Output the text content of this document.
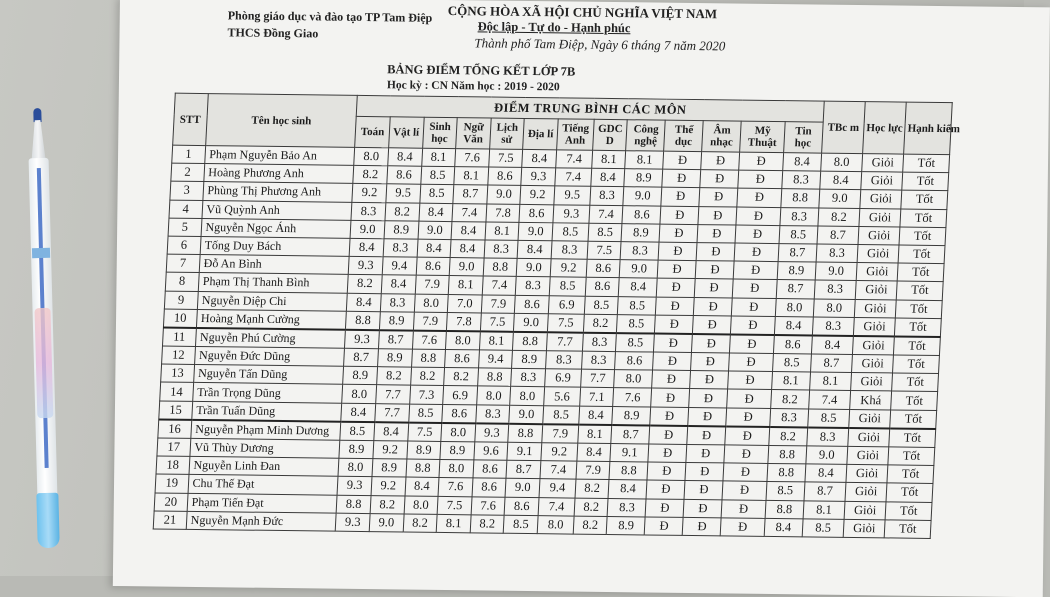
Phòng giáo dục và đào tạo TP Tam Điệp
THCS Đồng Giao
CỘNG HÒA XÃ HỘI CHỦ NGHĨA VIỆT NAM
Độc lập - Tự do - Hạnh phúc
Thành phố Tam Điệp, Ngày 6 tháng 7 năm 2020
BẢNG ĐIỂM TỔNG KẾT LỚP 7B
Học kỳ : CN Năm học : 2019 - 2020
STT	Tên học sinh	ĐIỂM TRUNG BÌNH CÁC MÔN													TBc m	Học lực	Hạnh kiểm
		Toán	Vật lí	Sinh học	Ngữ Văn	Lịch sử	Địa lí	Tiếng Anh	GDC D	Công nghệ	Thể dục	Âm nhạc	Mỹ Thuật	Tin học			
1	Phạm Nguyễn Bảo An	8.0	8.4	8.1	7.6	7.5	8.4	7.4	8.1	8.1	Đ	Đ	Đ	8.4	8.0	Giỏi	Tốt
2	Hoàng Phương Anh	8.2	8.6	8.5	8.1	8.6	9.3	7.4	8.4	8.9	Đ	Đ	Đ	8.3	8.4	Giỏi	Tốt
3	Phùng Thị Phương Anh	9.2	9.5	8.5	8.7	9.0	9.2	9.5	8.3	9.0	Đ	Đ	Đ	8.8	9.0	Giỏi	Tốt
4	Vũ Quỳnh Anh	8.3	8.2	8.4	7.4	7.8	8.6	9.3	7.4	8.6	Đ	Đ	Đ	8.3	8.2	Giỏi	Tốt
5	Nguyễn Ngọc Ánh	9.0	8.9	9.0	8.4	8.1	9.0	8.5	8.5	8.9	Đ	Đ	Đ	8.5	8.7	Giỏi	Tốt
6	Tống Duy Bách	8.4	8.3	8.4	8.4	8.3	8.4	8.3	7.5	8.3	Đ	Đ	Đ	8.7	8.3	Giỏi	Tốt
7	Đỗ An Bình	9.3	9.4	8.6	9.0	8.8	9.0	9.2	8.6	9.0	Đ	Đ	Đ	8.9	9.0	Giỏi	Tốt
8	Phạm Thị Thanh Bình	8.2	8.4	7.9	8.1	7.4	8.3	8.5	8.6	8.4	Đ	Đ	Đ	8.7	8.3	Giỏi	Tốt
9	Nguyễn Diệp Chi	8.4	8.3	8.0	7.0	7.9	8.6	6.9	8.5	8.5	Đ	Đ	Đ	8.0	8.0	Giỏi	Tốt
10	Hoàng Mạnh Cường	8.8	8.9	7.9	7.8	7.5	9.0	7.5	8.2	8.5	Đ	Đ	Đ	8.4	8.3	Giỏi	Tốt
11	Nguyễn Phú Cường	9.3	8.7	7.6	8.0	8.1	8.8	7.7	8.3	8.5	Đ	Đ	Đ	8.6	8.4	Giỏi	Tốt
12	Nguyễn Đức Dũng	8.7	8.9	8.8	8.6	9.4	8.9	8.3	8.3	8.6	Đ	Đ	Đ	8.5	8.7	Giỏi	Tốt
13	Nguyễn Tấn Dũng	8.9	8.2	8.2	8.2	8.8	8.3	6.9	7.7	8.0	Đ	Đ	Đ	8.1	8.1	Giỏi	Tốt
14	Trần Trọng Dũng	8.0	7.7	7.3	6.9	8.0	8.0	5.6	7.1	7.6	Đ	Đ	Đ	8.2	7.4	Khá	Tốt
15	Trần Tuấn Dũng	8.4	7.7	8.5	8.6	8.3	9.0	8.5	8.4	8.9	Đ	Đ	Đ	8.3	8.5	Giỏi	Tốt
16	Nguyễn Phạm Minh Dương	8.5	8.4	7.5	8.0	9.3	8.8	7.9	8.1	8.7	Đ	Đ	Đ	8.2	8.3	Giỏi	Tốt
17	Vũ Thùy Dương	8.9	9.2	8.9	8.9	9.6	9.1	9.2	8.4	9.1	Đ	Đ	Đ	8.8	9.0	Giỏi	Tốt
18	Nguyễn Linh Đan	8.0	8.9	8.8	8.0	8.6	8.7	7.4	7.9	8.8	Đ	Đ	Đ	8.8	8.4	Giỏi	Tốt
19	Chu Thế Đạt	9.3	9.2	8.4	7.6	8.6	9.0	9.4	8.2	8.4	Đ	Đ	Đ	8.5	8.7	Giỏi	Tốt
20	Phạm Tiến Đạt	8.8	8.2	8.0	7.5	7.6	8.6	7.4	8.2	8.3	Đ	Đ	Đ	8.8	8.1	Giỏi	Tốt
21	Nguyễn Mạnh Đức	9.3	9.0	8.2	8.1	8.2	8.5	8.0	8.2	8.9	Đ	Đ	Đ	8.4	8.5	Giỏi	Tốt
